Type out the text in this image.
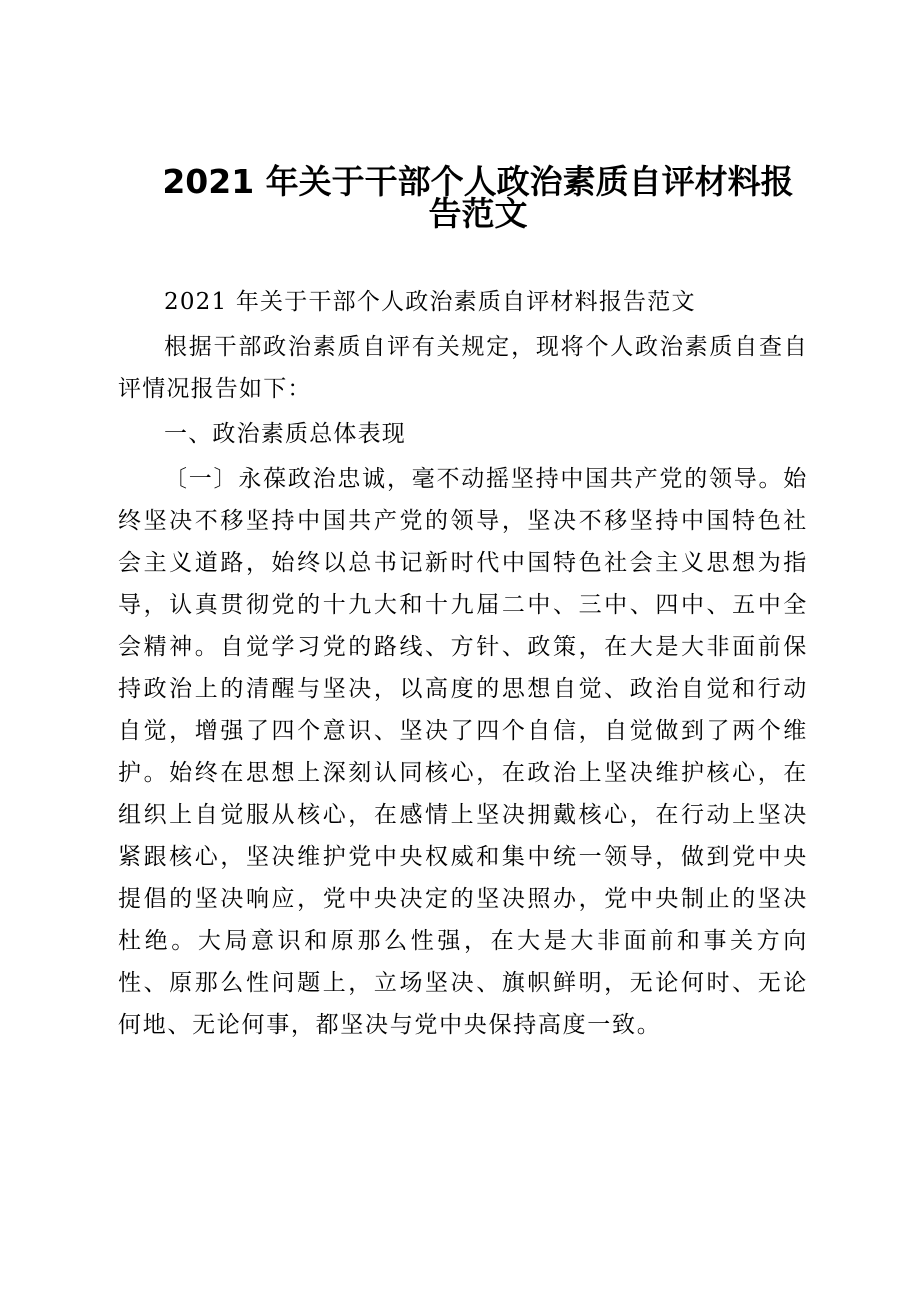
2021 年关于干部个人政治素质自评材料报
告范文

2021 年关于干部个人政治素质自评材料报告范文

根据干部政治素质自评有关规定，现将个人政治素质自查自评情况报告如下：

一、政治素质总体表现

〔一〕永葆政治忠诚，毫不动摇坚持中国共产党的领导。始终坚决不移坚持中国共产党的领导，坚决不移坚持中国特色社会主义道路，始终以总书记新时代中国特色社会主义思想为指导，认真贯彻党的十九大和十九届二中、三中、四中、五中全会精神。自觉学习党的路线、方针、政策，在大是大非面前保持政治上的清醒与坚决，以高度的思想自觉、政治自觉和行动自觉，增强了四个意识、坚决了四个自信，自觉做到了两个维护。始终在思想上深刻认同核心，在政治上坚决维护核心，在组织上自觉服从核心，在感情上坚决拥戴核心，在行动上坚决紧跟核心，坚决维护党中央权威和集中统一领导，做到党中央提倡的坚决响应，党中央决定的坚决照办，党中央制止的坚决杜绝。大局意识和原那么性强，在大是大非面前和事关方向性、原那么性问题上，立场坚决、旗帜鲜明，无论何时、无论何地、无论何事，都坚决与党中央保持高度一致。
